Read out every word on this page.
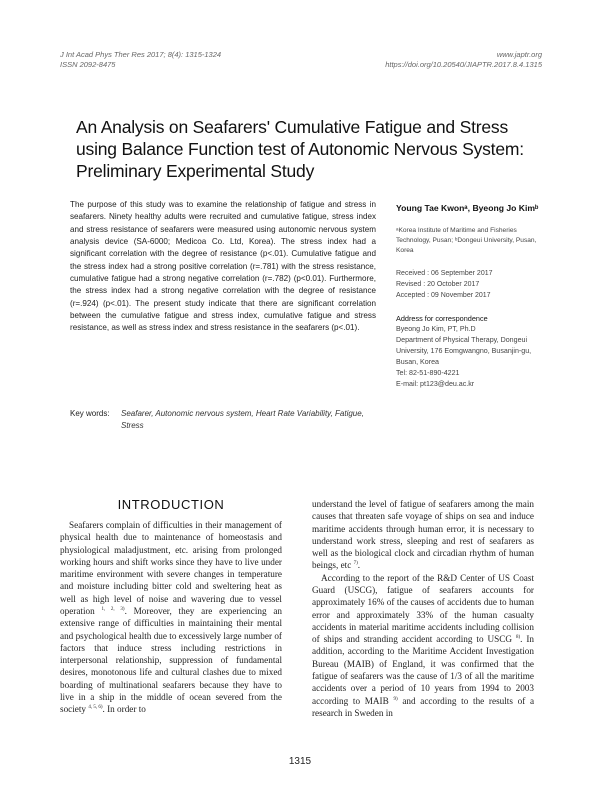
J Int Acad Phys Ther Res 2017; 8(4): 1315-1324
ISSN 2092-8475
www.japtr.org
https://doi.org/10.20540/JIAPTR.2017.8.4.1315
An Analysis on Seafarers' Cumulative Fatigue and Stress using Balance Function test of Autonomic Nervous System: Preliminary Experimental Study

The purpose of this study was to examine the relationship of fatigue and stress in seafarers. Ninety healthy adults were recruited and cumulative fatigue, stress index and stress resistance of seafarers were measured using autonomic nervous system analysis device (SA-6000; Medicoa Co. Ltd, Korea). The stress index had a significant correlation with the degree of resistance (p<.01). Cumulative fatigue and the stress index had a strong positive correlation (r=.781) with the stress resistance, cumulative fatigue had a strong negative correlation (r=.782) (p<0.01). Furthermore, the stress index had a strong negative correlation with the degree of resistance (r=.924) (p<.01). The present study indicate that there are significant correlation between the cumulative fatigue and stress index, cumulative fatigue and stress resistance, as well as stress index and stress resistance in the seafarers (p<.01).

Key words: Seafarer, Autonomic nervous system, Heart Rate Variability, Fatigue, Stress

Young Tae Kwonᵃ, Byeong Jo Kimᵇ

ᵃKorea Institute of Maritime and Fisheries Technology, Pusan; ᵇDongeui University, Pusan, Korea

Received : 06 September 2017
Revised : 20 October 2017
Accepted : 09 November 2017
Address for correspondence
Byeong Jo Kim, PT, Ph.D
Department of Physical Therapy, Dongeui University, 176 Eomgwangno, Busanjin-gu, Busan, Korea
Tel: 82-51-890-4221
E-mail: pt123@deu.ac.kr
INTRODUCTION

Seafarers complain of difficulties in their management of physical health due to maintenance of homeostasis and physiological maladjustment, etc. arising from prolonged working hours and shift works since they have to live under maritime environment with severe changes in temperature and moisture including bitter cold and sweltering heat as well as high level of noise and wavering due to vessel operation $^{1, 2, 3)}$. Moreover, they are experiencing an extensive range of difficulties in maintaining their mental and psychological health due to excessively large number of factors that induce stress including restrictions in interpersonal relationship, suppression of fundamental desires, monotonous life and cultural clashes due to mixed boarding of multinational seafarers because they have to live in a ship in the middle of ocean severed from the society $^{4, 5, 6)}$. In order to

understand the level of fatigue of seafarers among the main causes that threaten safe voyage of ships on sea and induce maritime accidents through human error, it is necessary to understand work stress, sleeping and rest of seafarers as well as the biological clock and circadian rhythm of human beings, etc $^{7)}$.

According to the report of the R&D Center of US Coast Guard (USCG), fatigue of seafarers accounts for approximately 16% of the causes of accidents due to human error and approximately 33% of the human casualty accidents in material maritime accidents including collision of ships and stranding accident according to USCG $^{8)}$. In addition, according to the Maritime Accident Investigation Bureau (MAIB) of England, it was confirmed that the fatigue of seafarers was the cause of 1/3 of all the maritime accidents over a period of 10 years from 1994 to 2003 according to MAIB $^{9)}$ and according to the results of a research in Sweden in

1315
